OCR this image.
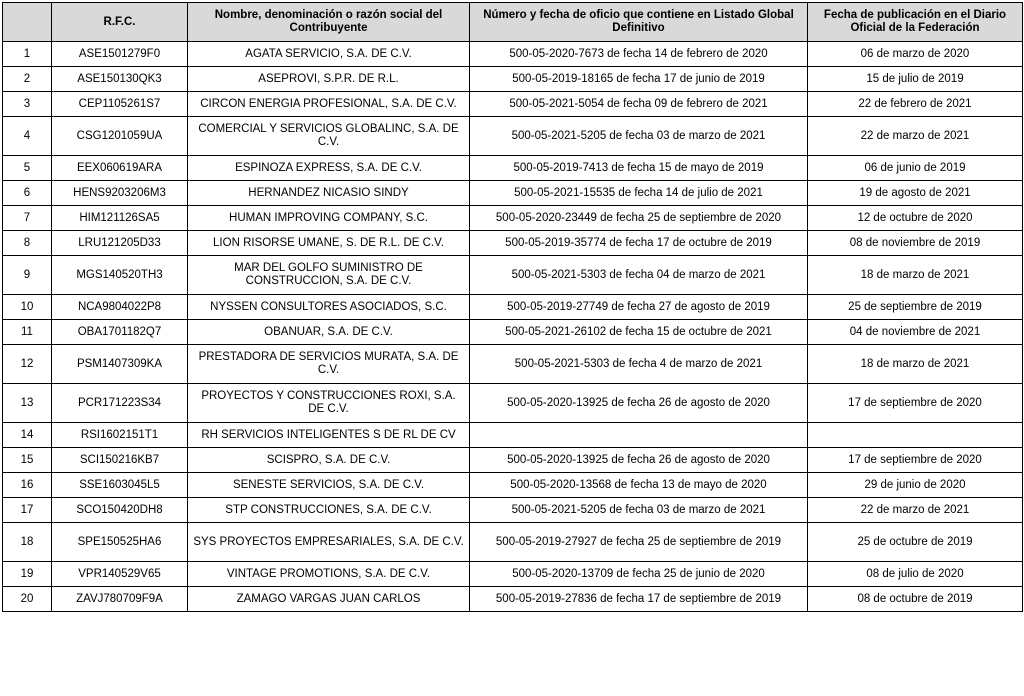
	R.F.C.	Nombre, denominación o razón social del Contribuyente	Número y fecha de oficio que contiene en Listado Global Definitivo	Fecha de publicación en el Diario Oficial de la Federación
1	ASE1501279F0	AGATA SERVICIO, S.A. DE C.V.	500-05-2020-7673 de fecha 14 de febrero de 2020	06 de marzo de 2020
2	ASE150130QK3	ASEPROVI, S.P.R. DE R.L.	500-05-2019-18165 de fecha 17 de junio de 2019	15 de julio de 2019
3	CEP1105261S7	CIRCON ENERGIA PROFESIONAL, S.A. DE C.V.	500-05-2021-5054 de fecha 09 de febrero de 2021	22 de febrero de 2021
4	CSG1201059UA	COMERCIAL Y SERVICIOS GLOBALINC, S.A. DE C.V.	500-05-2021-5205 de fecha 03 de marzo de 2021	22 de marzo de 2021
5	EEX060619ARA	ESPINOZA EXPRESS, S.A. DE C.V.	500-05-2019-7413 de fecha 15 de mayo de 2019	06 de junio de 2019
6	HENS9203206M3	HERNANDEZ NICASIO SINDY	500-05-2021-15535 de fecha 14 de julio de 2021	19 de agosto de 2021
7	HIM121126SA5	HUMAN IMPROVING COMPANY, S.C.	500-05-2020-23449 de fecha 25 de septiembre de 2020	12 de octubre de 2020
8	LRU121205D33	LION RISORSE UMANE, S. DE R.L. DE C.V.	500-05-2019-35774 de fecha 17 de octubre de 2019	08 de noviembre de 2019
9	MGS140520TH3	MAR DEL GOLFO SUMINISTRO DE CONSTRUCCION, S.A. DE C.V.	500-05-2021-5303 de fecha 04 de marzo de 2021	18 de marzo de 2021
10	NCA9804022P8	NYSSEN CONSULTORES ASOCIADOS, S.C.	500-05-2019-27749 de fecha 27 de agosto de 2019	25 de septiembre de 2019
11	OBA1701182Q7	OBANUAR, S.A. DE C.V.	500-05-2021-26102 de fecha 15 de octubre de 2021	04 de noviembre de 2021
12	PSM1407309KA	PRESTADORA DE SERVICIOS MURATA, S.A. DE C.V.	500-05-2021-5303 de fecha 4 de marzo de 2021	18 de marzo de 2021
13	PCR171223S34	PROYECTOS Y CONSTRUCCIONES ROXI, S.A. DE C.V.	500-05-2020-13925 de fecha 26 de agosto de 2020	17 de septiembre de 2020
14	RSI1602151T1	RH SERVICIOS INTELIGENTES S DE RL DE CV		
15	SCI150216KB7	SCISPRO, S.A. DE C.V.	500-05-2020-13925 de fecha 26 de agosto de 2020	17 de septiembre de 2020
16	SSE1603045L5	SENESTE SERVICIOS, S.A. DE C.V.	500-05-2020-13568 de fecha 13 de mayo de 2020	29 de junio de 2020
17	SCO150420DH8	STP CONSTRUCCIONES, S.A. DE C.V.	500-05-2021-5205 de fecha 03 de marzo de 2021	22 de marzo de 2021
18	SPE150525HA6	SYS PROYECTOS EMPRESARIALES, S.A. DE C.V.	500-05-2019-27927 de fecha 25 de septiembre de 2019	25 de octubre de 2019
19	VPR140529V65	VINTAGE PROMOTIONS, S.A. DE C.V.	500-05-2020-13709 de fecha 25 de junio de 2020	08 de julio de 2020
20	ZAVJ780709F9A	ZAMAGO VARGAS JUAN CARLOS	500-05-2019-27836 de fecha 17 de septiembre de 2019	08 de octubre de 2019
